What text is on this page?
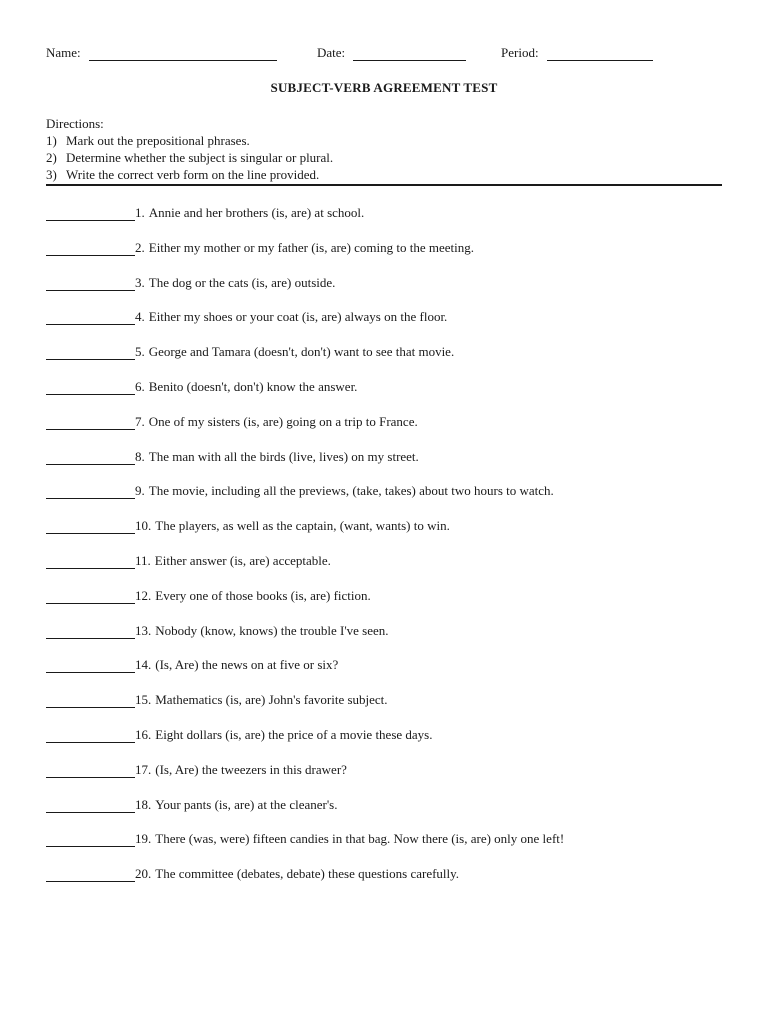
Name:	Date:	Period:
SUBJECT-VERB AGREEMENT TEST
Directions:
1) Mark out the prepositional phrases.
2) Determine whether the subject is singular or plural.
3) Write the correct verb form on the line provided.
1. Annie and her brothers (is, are) at school.
2. Either my mother or my father (is, are) coming to the meeting.
3. The dog or the cats (is, are) outside.
4. Either my shoes or your coat (is, are) always on the floor.
5. George and Tamara (doesn't, don't) want to see that movie.
6. Benito (doesn't, don't) know the answer.
7. One of my sisters (is, are) going on a trip to France.
8. The man with all the birds (live, lives) on my street.
9. The movie, including all the previews, (take, takes) about two hours to watch.
10. The players, as well as the captain, (want, wants) to win.
11. Either answer (is, are) acceptable.
12. Every one of those books (is, are) fiction.
13. Nobody (know, knows) the trouble I've seen.
14. (Is, Are) the news on at five or six?
15. Mathematics (is, are) John's favorite subject.
16. Eight dollars (is, are) the price of a movie these days.
17. (Is, Are) the tweezers in this drawer?
18. Your pants (is, are) at the cleaner's.
19. There (was, were) fifteen candies in that bag. Now there (is, are) only one left!
20. The committee (debates, debate) these questions carefully.
